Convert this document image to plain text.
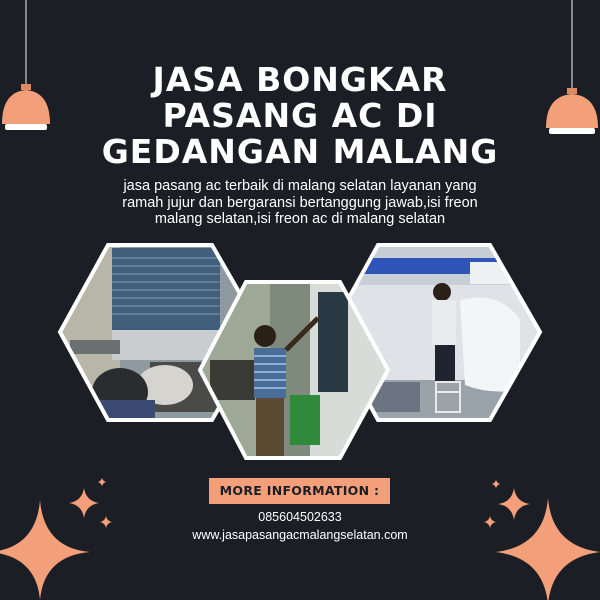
JASA BONGKAR
PASANG AC DI
GEDANGAN MALANG
jasa pasang ac terbaik di malang selatan layanan yang
ramah jujur dan bergaransi bertanggung jawab,isi freon
malang selatan,isi freon ac di malang selatan
MORE INFORMATION :
085604502633
www.jasapasangacmalangselatan.com
